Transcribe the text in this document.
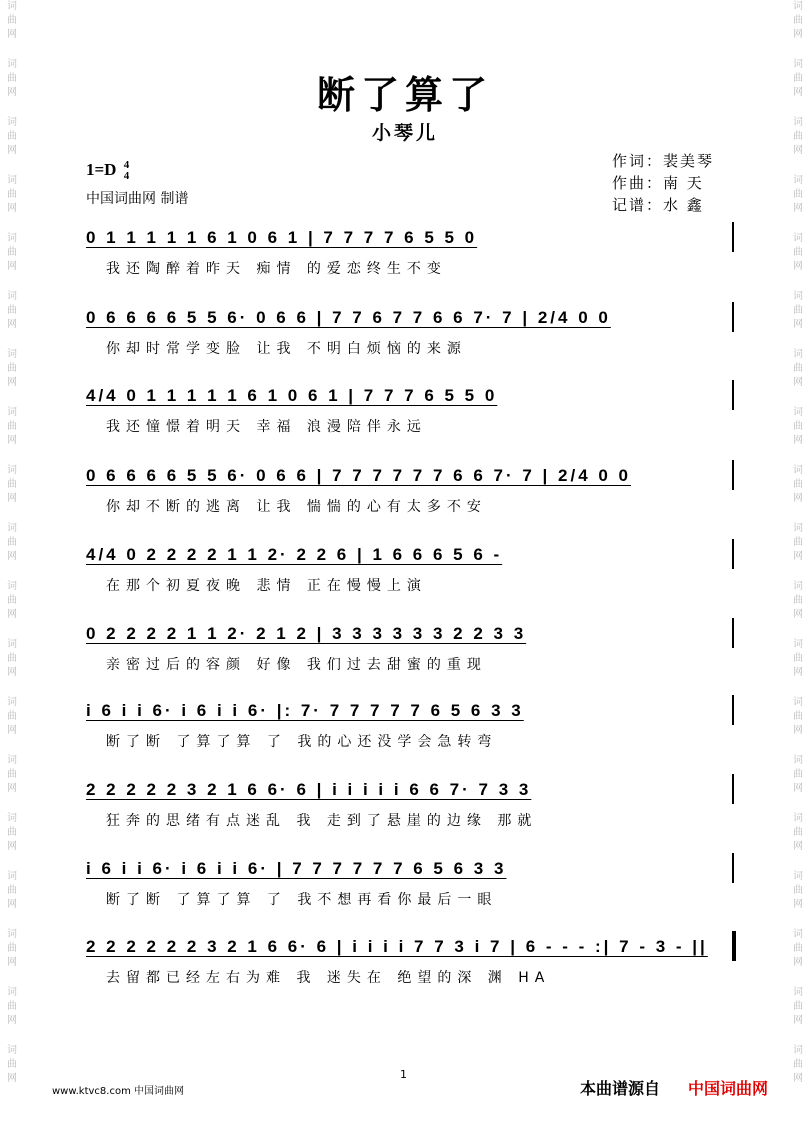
词
曲
网
词
曲
网
词
曲
网
词
曲
网
词
曲
网
词
曲
网
词
曲
网
词
曲
网
词
曲
网
词
曲
网
词
曲
网
词
曲
网
词
曲
网
词
曲
网
词
曲
网
词
曲
网
词
曲
网
词
曲
网
词
曲
网
词
曲
网
词
曲
网
词
曲
网
词
曲
网
词
曲
网
词
曲
网
词
曲
网
词
曲
网
词
曲
网
词
曲
网
词
曲
网
词
曲
网
词
曲
网
词
曲
网
词
曲
网
词
曲
网
词
曲
网
词
曲
网
词
曲
网
断了算了
小琴儿
1=D 4
4
中国词曲网 制谱
作词：裴美琴
作曲：南 天
记谱：水 鑫
0 1 1 1 1 1 6 1 0 6 1 | 7 7 7 7 6 5 5 0
我还陶醉着昨天 痴情 的爱恋终生不变
0 6 6 6 6 5 5 6· 0 6 6 | 7 7 6 7 7 6 6 7· 7 | 2/4 0 0
你却时常学变脸 让我 不明白烦恼的来源
4/4 0 1 1 1 1 1 6 1 0 6 1 | 7 7 7 6 5 5 0
我还憧憬着明天 幸福 浪漫陪伴永远
0 6 6 6 6 5 5 6· 0 6 6 | 7 7 7 7 7 7 6 6 7· 7 | 2/4 0 0
你却不断的逃离 让我 惴惴的心有太多不安
4/4 0 2 2 2 2 1 1 2· 2 2 6 | 1 6 6 6 5 6 -
在那个初夏夜晚 悲情 正在慢慢上演
0 2 2 2 2 1 1 2· 2 1 2 | 3 3 3 3 3 3 2 2 3 3
亲密过后的容颜 好像 我们过去甜蜜的重现
i 6 i i 6· i 6 i i 6· |: 7· 7 7 7 7 7 6 5 6 3 3
断了断 了算了算 了 我的心还没学会急转弯
2 2 2 2 2 3 2 1 6 6· 6 | i i i i i 6 6 7· 7 3 3
狂奔的思绪有点迷乱 我 走到了悬崖的边缘 那就
i 6 i i 6· i 6 i i 6· | 7 7 7 7 7 7 6 5 6 3 3
断了断 了算了算 了 我不想再看你最后一眼
2 2 2 2 2 2 3 2 1 6 6· 6 | i i i i 7 7 3 i 7 | 6 - - - :| 7 - 3 - ||
去留都已经左右为难 我 迷失在 绝望的深 渊 HA
www.ktvc8.com 中国词曲网
1
本曲谱源自 中国词曲网
